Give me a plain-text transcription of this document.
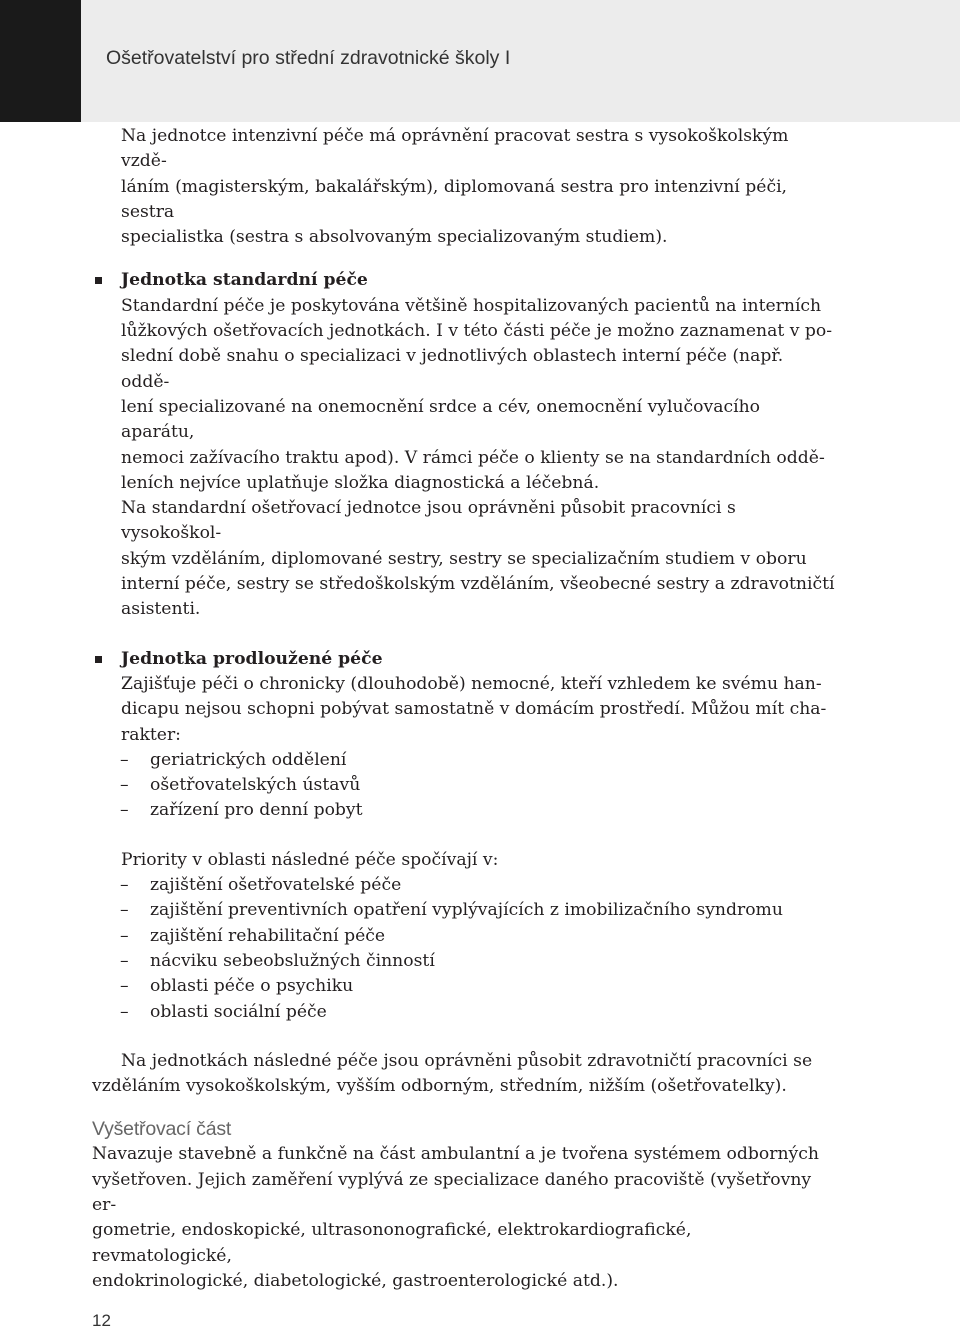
Ošetřovatelství pro střední zdravotnické školy I

Na jednotce intenzivní péče má oprávnění pracovat sestra s vysokoškolským vzdě-

láním (magisterským, bakalářským), diplomovaná sestra pro intenzivní péči, sestra

specialistka (sestra s absolvovaným specializovaným studiem).

Jednotka standardní péče

Standardní péče je poskytována většině hospitalizovaných pacientů na interních

lůžkových ošetřovacích jednotkách. I v této části péče je možno zaznamenat v po-

slední době snahu o specializaci v jednotlivých oblastech interní péče (např. oddě-

lení specializované na onemocnění srdce a cév, onemocnění vylučovacího aparátu,

nemoci zažívacího traktu apod). V rámci péče o klienty se na standardních oddě-

leních nejvíce uplatňuje složka diagnostická a léčebná.

Na standardní ošetřovací jednotce jsou oprávněni působit pracovníci s vysokoškol-

ským vzděláním, diplomované sestry, sestry se specializačním studiem v oboru

interní péče, sestry se středoškolským vzděláním, všeobecné sestry a zdravotničtí

asistenti.

Jednotka prodloužené péče

Zajišťuje péči o chronicky (dlouhodobě) nemocné, kteří vzhledem ke svému han-

dicapu nejsou schopni pobývat samostatně v domácím prostředí. Můžou mít cha-

rakter:

– geriatrických oddělení
– ošetřovatelských ústavů
– zařízení pro denní pobyt

Priority v oblasti následné péče spočívají v:

– zajištění ošetřovatelské péče
– zajištění preventivních opatření vyplývajících z imobilizačního syndromu
– zajištění rehabilitační péče
– nácviku sebeobslužných činností
– oblasti péče o psychiku
– oblasti sociální péče

Na jednotkách následné péče jsou oprávněni působit zdravotničtí pracovníci se

vzděláním vysokoškolským, vyšším odborným, středním, nižším (ošetřovatelky).

Vyšetřovací část

Navazuje stavebně a funkčně na část ambulantní a je tvořena systémem odborných

vyšetřoven. Jejich zaměření vyplývá ze specializace daného pracoviště (vyšetřovny er-

gometrie, endoskopické, ultrasononografické, elektrokardiografické, revmatologické,

endokrinologické, diabetologické, gastroenterologické atd.).

12
